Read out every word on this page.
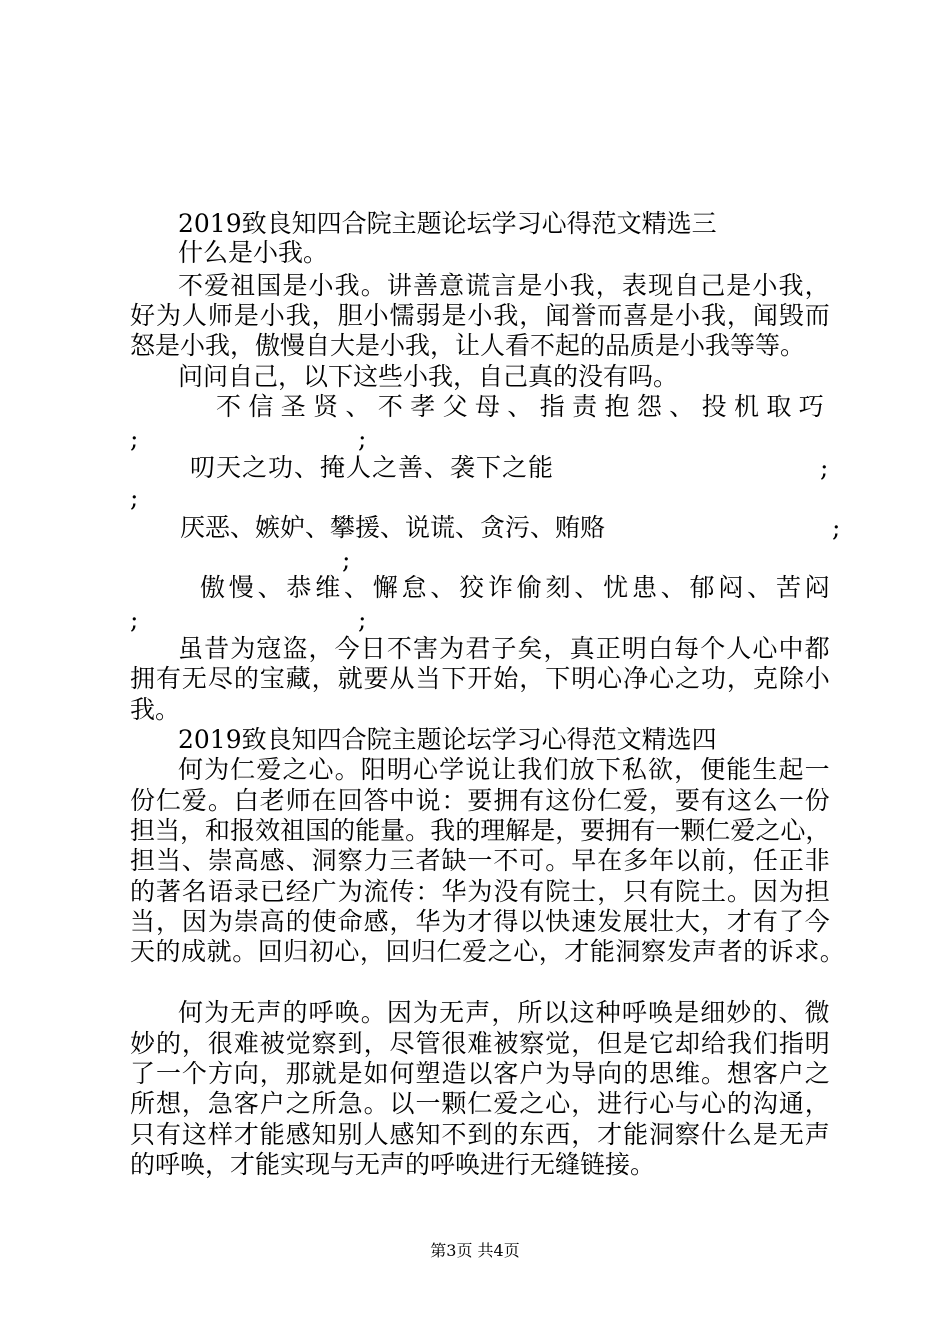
2019致良知四合院主题论坛学习心得范文精选三
什么是小我。
不 爱 祖 国 是 小 我 。 讲 善 意 谎 言 是 小 我 ， 表 现 自 己 是 小 我 ，
好 为 人 师 是 小 我 ， 胆 小 懦 弱 是 小 我 ， 闻 誉 而 喜 是 小 我 ， 闻 毁 而
怒是小我，傲慢自大是小我，让人看不起的品质是小我等等。
问问自己，以下这些小我，自己真的没有吗。
不 信 圣 贤 、 不 孝 父 母 、 指 责 抱 怨 、 投 机 取 巧
;	;
叨天之功、掩人之善、袭下之能	;
;
厌恶、嫉妒、攀援、说谎、贪污、贿赂	;
;
傲 慢 、 恭 维 、 懈 怠 、 狡 诈 偷 刻 、 忧 患 、 郁 闷 、 苦 闷
;	;
虽 昔 为 寇 盗 ， 今 日 不 害 为 君 子 矣 ， 真 正 明 白 每 个 人 心 中 都
拥 有 无 尽 的 宝 藏 ， 就 要 从 当 下 开 始 ， 下 明 心 净 心 之 功 ， 克 除 小
我。
2019致良知四合院主题论坛学习心得范文精选四
何 为 仁 爱 之 心 。 阳 明 心 学 说 让 我 们 放 下 私 欲 ， 便 能 生 起 一
份 仁 爱 。 白 老 师 在 回 答 中 说 ： 要 拥 有 这 份 仁 爱 ， 要 有 这 么 一 份
担 当 ， 和 报 效 祖 国 的 能 量 。 我 的 理 解 是 ， 要 拥 有 一 颗 仁 爱 之 心 ，
担 当 、 崇 高 感 、 洞 察 力 三 者 缺 一 不 可 。 早 在 多 年 以 前 ， 任 正 非
的 著 名 语 录 已 经 广 为 流 传 ： 华 为 没 有 院 士 ， 只 有 院 土 。 因 为 担
当 ， 因 为 崇 高 的 使 命 感 ， 华 为 才 得 以 快 速 发 展 壮 大 ， 才 有 了 今
天 的 成 就 。 回 归 初 心 ， 回 归 仁 爱 之 心 ， 才 能 洞 察 发 声 者 的 诉 求 。
何 为 无 声 的 呼 唤 。 因 为 无 声 ， 所 以 这 种 呼 唤 是 细 妙 的 、 微
妙 的 ， 很 难 被 觉 察 到 ， 尽 管 很 难 被 察 觉 ， 但 是 它 却 给 我 们 指 明
了 一 个 方 向 ， 那 就 是 如 何 塑 造 以 客 户 为 导 向 的 思 维 。 想 客 户 之
所 想 ， 急 客 户 之 所 急 。 以 一 颗 仁 爱 之 心 ， 进 行 心 与 心 的 沟 通 ，
只 有 这 样 才 能 感 知 别 人 感 知 不 到 的 东 西 ， 才 能 洞 察 什 么 是 无 声
的呼唤，才能实现与无声的呼唤进行无缝链接。
第3页 共4页
